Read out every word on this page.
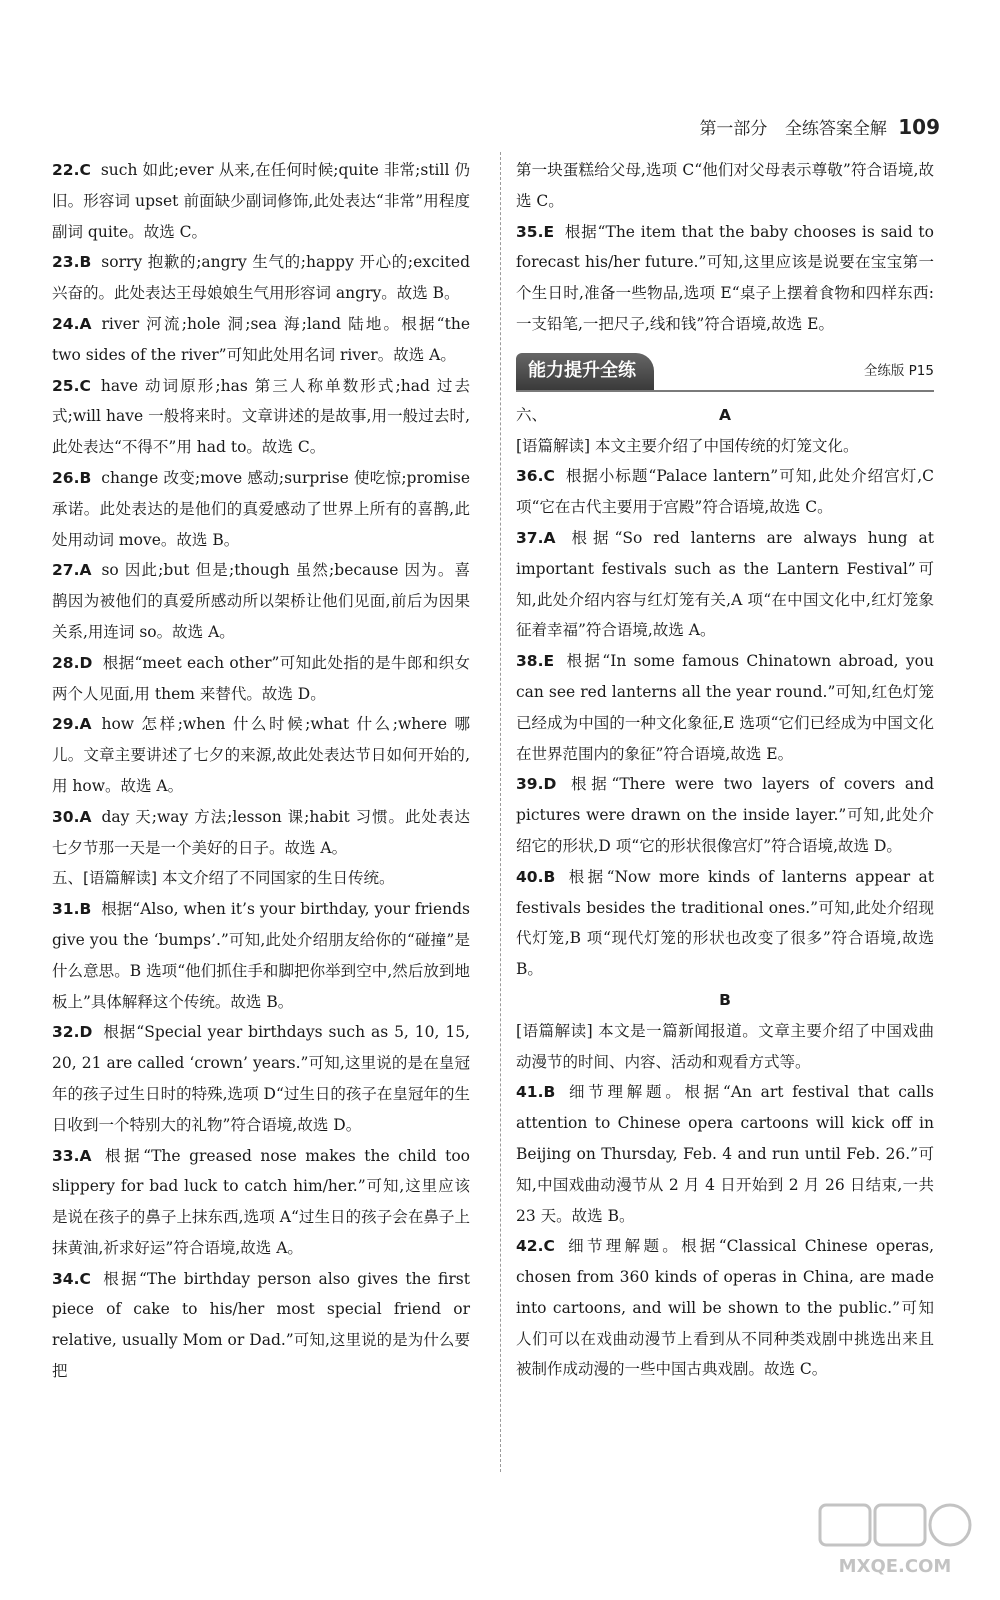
第一部分 全练答案全解 109

22.C such 如此;ever 从来,在任何时候;quite 非常;still 仍旧。形容词 upset 前面缺少副词修饰,此处表达“非常”用程度副词 quite。故选 C。

23.B sorry 抱歉的;angry 生气的;happy 开心的;excited 兴奋的。此处表达王母娘娘生气用形容词 angry。故选 B。

24.A river 河流;hole 洞;sea 海;land 陆地。根据“the two sides of the river”可知此处用名词 river。故选 A。

25.C have 动词原形;has 第三人称单数形式;had 过去式;will have 一般将来时。文章讲述的是故事,用一般过去时,此处表达“不得不”用 had to。故选 C。

26.B change 改变;move 感动;surprise 使吃惊;promise 承诺。此处表达的是他们的真爱感动了世界上所有的喜鹊,此处用动词 move。故选 B。

27.A so 因此;but 但是;though 虽然;because 因为。喜鹊因为被他们的真爱所感动所以架桥让他们见面,前后为因果关系,用连词 so。故选 A。

28.D 根据“meet each other”可知此处指的是牛郎和织女两个人见面,用 them 来替代。故选 D。

29.A how 怎样;when 什么时候;what 什么;where 哪儿。文章主要讲述了七夕的来源,故此处表达节日如何开始的,用 how。故选 A。

30.A day 天;way 方法;lesson 课;habit 习惯。此处表达七夕节那一天是一个美好的日子。故选 A。

五、[语篇解读] 本文介绍了不同国家的生日传统。

31.B 根据“Also, when it’s your birthday, your friends give you the ‘bumps’.”可知,此处介绍朋友给你的“碰撞”是什么意思。B 选项“他们抓住手和脚把你举到空中,然后放到地板上”具体解释这个传统。故选 B。

32.D 根据“Special year birthdays such as 5, 10, 15, 20, 21 are called ‘crown’ years.”可知,这里说的是在皇冠年的孩子过生日时的特殊,选项 D“过生日的孩子在皇冠年的生日收到一个特别大的礼物”符合语境,故选 D。

33.A 根据“The greased nose makes the child too slippery for bad luck to catch him/her.”可知,这里应该是说在孩子的鼻子上抹东西,选项 A“过生日的孩子会在鼻子上抹黄油,祈求好运”符合语境,故选 A。

34.C 根据“The birthday person also gives the first piece of cake to his/her most special friend or relative, usually Mom or Dad.”可知,这里说的是为什么要把

第一块蛋糕给父母,选项 C“他们对父母表示尊敬”符合语境,故选 C。

35.E 根据“The item that the baby chooses is said to forecast his/her future.”可知,这里应该是说要在宝宝第一个生日时,准备一些物品,选项 E“桌子上摆着食物和四样东西:一支铅笔,一把尺子,线和钱”符合语境,故选 E。

能力提升全练	全练版 P15

六、	A

[语篇解读] 本文主要介绍了中国传统的灯笼文化。

36.C 根据小标题“Palace lantern”可知,此处介绍宫灯,C 项“它在古代主要用于宫殿”符合语境,故选 C。

37.A 根据“So red lanterns are always hung at important festivals such as the Lantern Festival”可知,此处介绍内容与红灯笼有关,A 项“在中国文化中,红灯笼象征着幸福”符合语境,故选 A。

38.E 根据“In some famous Chinatown abroad, you can see red lanterns all the year round.”可知,红色灯笼已经成为中国的一种文化象征,E 选项“它们已经成为中国文化在世界范围内的象征”符合语境,故选 E。

39.D 根据“There were two layers of covers and pictures were drawn on the inside layer.”可知,此处介绍它的形状,D 项“它的形状很像宫灯”符合语境,故选 D。

40.B 根据“Now more kinds of lanterns appear at festivals besides the traditional ones.”可知,此处介绍现代灯笼,B 项“现代灯笼的形状也改变了很多”符合语境,故选 B。

B

[语篇解读] 本文是一篇新闻报道。文章主要介绍了中国戏曲动漫节的时间、内容、活动和观看方式等。

41.B 细节理解题。根据“An art festival that calls attention to Chinese opera cartoons will kick off in Beijing on Thursday, Feb. 4 and run until Feb. 26.”可知,中国戏曲动漫节从 2 月 4 日开始到 2 月 26 日结束,一共 23 天。故选 B。

42.C 细节理解题。根据“Classical Chinese operas, chosen from 360 kinds of operas in China, are made into cartoons, and will be shown to the public.”可知人们可以在戏曲动漫节上看到从不同种类戏剧中挑选出来且被制作成动漫的一些中国古典戏剧。故选 C。

MXQE.COM
